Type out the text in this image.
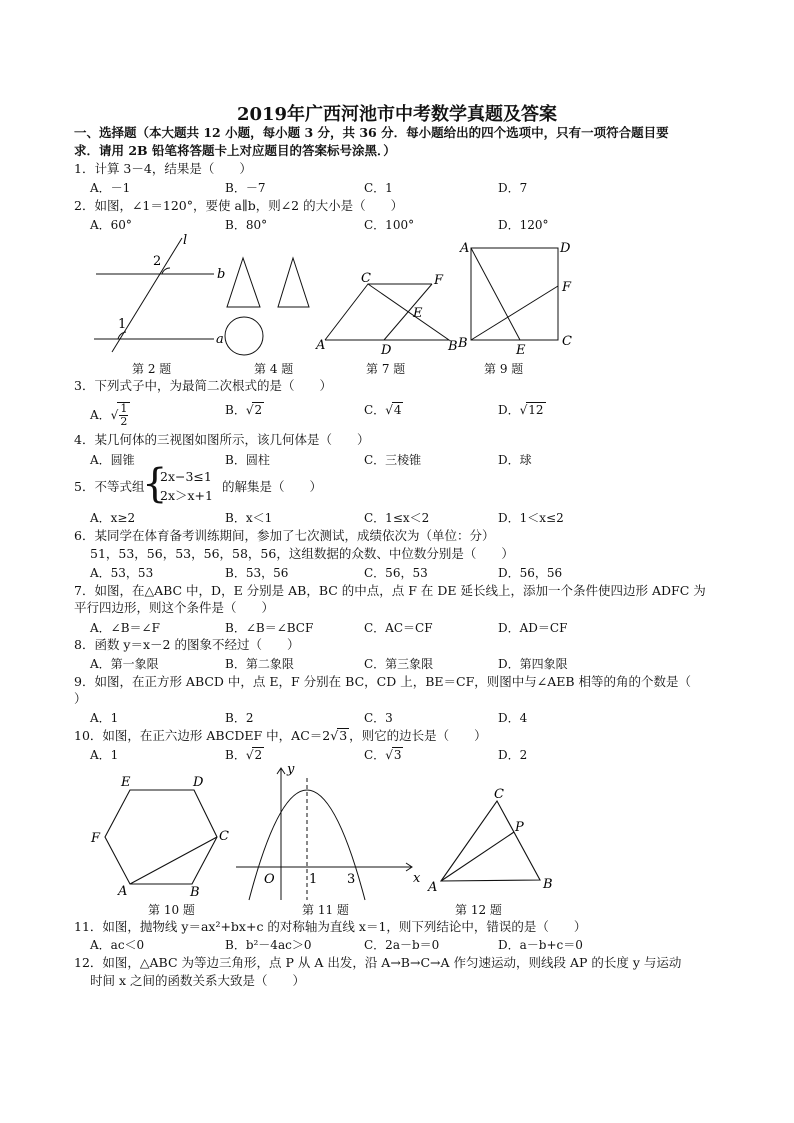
2019年广西河池市中考数学真题及答案
一、选择题（本大题共 12 小题，每小题 3 分，共 36 分．每小题给出的四个选项中，只有一项符合题目要
求．请用 2B 铅笔将答题卡上对应题目的答案标号涂黑．）
1．计算 3－4，结果是（　　）
A．－1	B．－7	C．1	D．7
2．如图，∠1＝120°，要使 a∥b，则∠2 的大小是（　　）
A．60°	B．80°	C．100°	D．120°
l
b
a
2
1
A	B
C
D
E
F
A
B	C
D
E
F
第 2 题	第 4 题	第 7 题	第 9 题
3．下列式子中，为最简二次根式的是（　　）
A．√ $\frac{1}{2}$	B．√2	C．√4	D．√12
4．某几何体的三视图如图所示，该几何体是（　　）
A．圆锥	B．圆柱	C．三棱锥	D．球
5．不等式组
{
2x−3≤1
2x＞x+1
的解集是（　　）
A．x≥2	B．x＜1	C．1≤x＜2	D．1＜x≤2
6．某同学在体育备考训练期间，参加了七次测试，成绩依次为（单位：分）
51，53，56，53，56，58，56，这组数据的众数、中位数分别是（　　）
A．53，53	B．53，56	C．56，53	D．56，56
7．如图，在△ABC 中，D，E 分别是 AB，BC 的中点，点 F 在 DE 延长线上，添加一个条件使四边形 ADFC 为
平行四边形，则这个条件是（　　）
A．∠B＝∠F	B．∠B＝∠BCF	C．AC＝CF	D．AD＝CF
8．函数 y＝x－2 的图象不经过（　　）
A．第一象限	B．第二象限	C．第三象限	D．第四象限
9．如图，在正方形 ABCD 中，点 E，F 分别在 BC，CD 上，BE＝CF，则图中与∠AEB 相等的角的个数是（
）
A．1	B．2	C．3	D．4
10．如图，在正六边形 ABCDEF 中，AC＝2√3 ，则它的边长是（　　）
A．1	B．√2	C．√3	D．2
E	D
C
B
A
F
y
x
O	1 3
A	B
C
P
第 10 题	第 11 题	第 12 题
11．如图，抛物线 y＝ax²+bx+c 的对称轴为直线 x＝1，则下列结论中，错误的是（　　）
A．ac＜0	B．b²－4ac＞0	C．2a－b＝0	D．a－b+c＝0
12．如图，△ABC 为等边三角形，点 P 从 A 出发，沿 A→B→C→A 作匀速运动，则线段 AP 的长度 y 与运动
时间 x 之间的函数关系大致是（　　）
